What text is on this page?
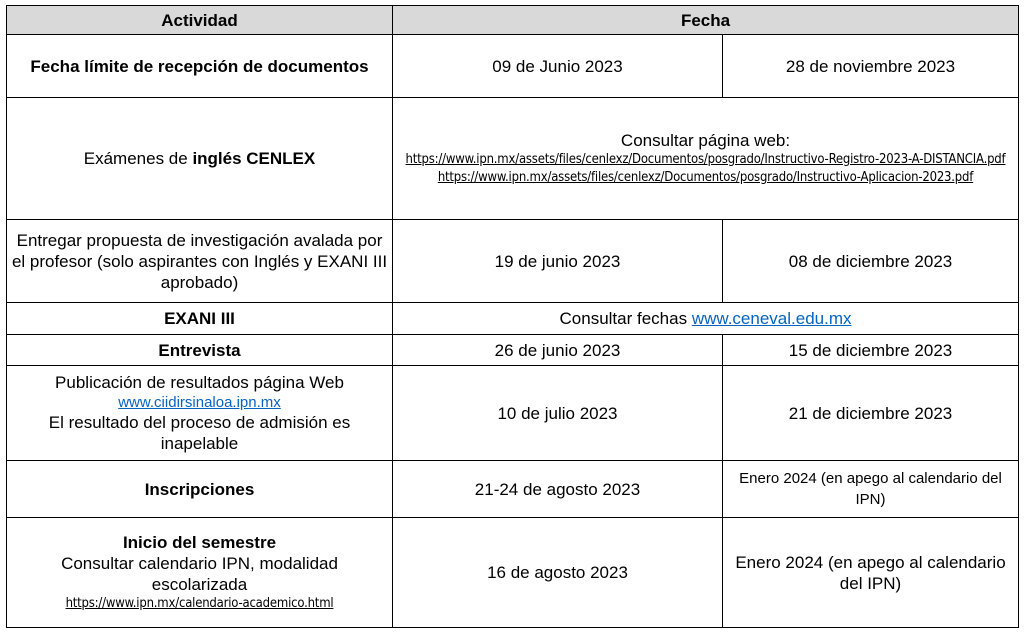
Actividad	Fecha	
Fecha límite de recepción de documentos	09 de Junio 2023	28 de noviembre 2023
Exámenes de inglés CENLEX	Consultar página web:
https://www.ipn.mx/assets/files/cenlexz/Documentos/posgrado/Instructivo-Registro-2023-A-DISTANCIA.pdf
https://www.ipn.mx/assets/files/cenlexz/Documentos/posgrado/Instructivo-Aplicacion-2023.pdf	

Entregar propuesta de investigación avalada por el profesor (solo aspirantes con Inglés y EXANI III aprobado)	19 de junio 2023	08 de diciembre 2023
EXANI III	Consultar fechas www.ceneval.edu.mx	
Entrevista	26 de junio 2023	15 de diciembre 2023

Publicación de resultados página Web
www.ciidirsinaloa.ipn.mx
El resultado del proceso de admisión es inapelable	10 de julio 2023	21 de diciembre 2023
Inscripciones	21-24 de agosto 2023	Enero 2024 (en apego al calendario del IPN)

Inicio del semestre
Consultar calendario IPN, modalidad escolarizada
https://www.ipn.mx/calendario-academico.html	16 de agosto 2023	Enero 2024 (en apego al calendario del IPN)
